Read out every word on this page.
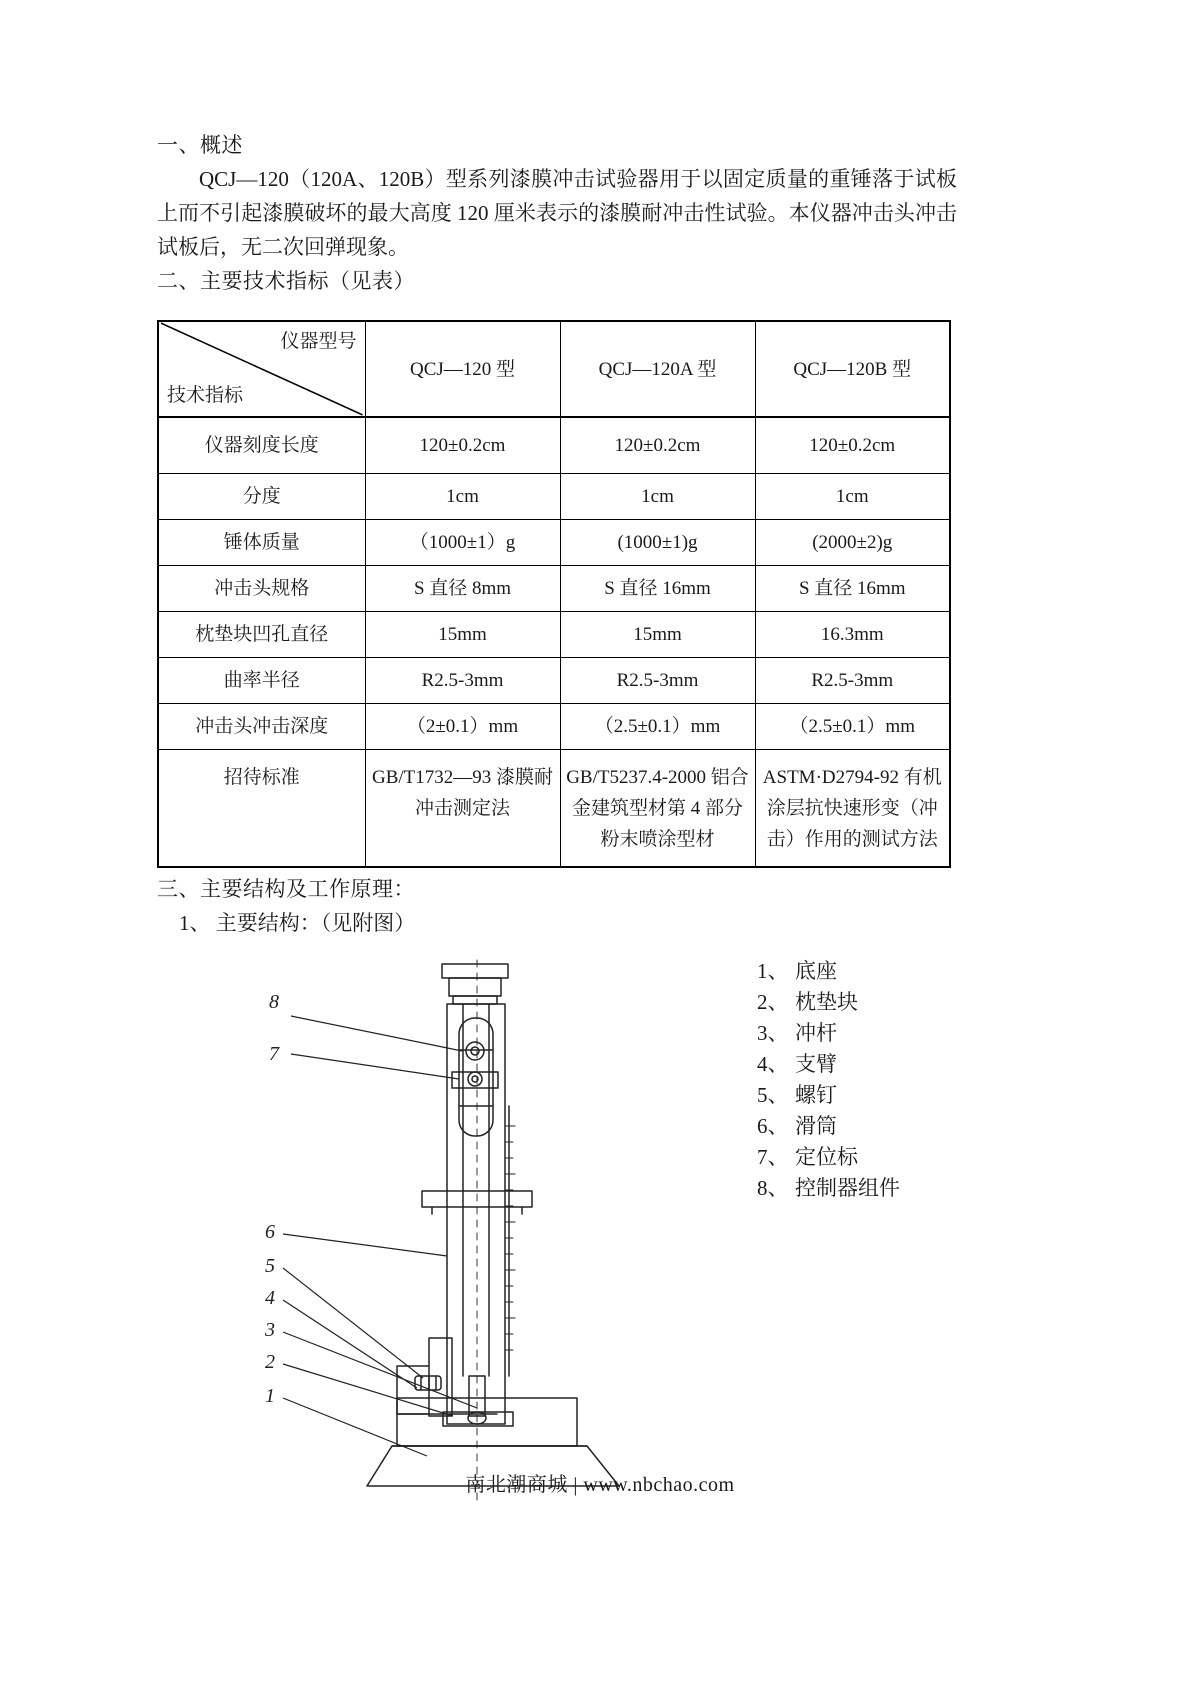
一、概述
QCJ—120（120A、120B）型系列漆膜冲击试验器用于以固定质量的重锤落于试板上而不引起漆膜破坏的最大高度 120 厘米表示的漆膜耐冲击性试验。本仪器冲击头冲击试板后，无二次回弹现象。
二、主要技术指标（见表）
仪器型号
技术指标	QCJ—120 型	QCJ—120A 型	QCJ—120B 型
仪器刻度长度	120±0.2cm	120±0.2cm	120±0.2cm
分度	1cm	1cm	1cm
锤体质量	（1000±1）g	(1000±1)g	(2000±2)g
冲击头规格	S 直径 8mm	S 直径 16mm	S 直径 16mm
枕垫块凹孔直径	15mm	15mm	16.3mm
曲率半径	R2.5-3mm	R2.5-3mm	R2.5-3mm
冲击头冲击深度	（2±0.1）mm	（2.5±0.1）mm	（2.5±0.1）mm
招待标准	GB/T1732—93 漆膜耐冲击测定法	GB/T5237.4-2000 铝合金建筑型材第 4 部分粉末喷涂型材	ASTM·D2794-92 有机涂层抗快速形变（冲击）作用的测试方法
三、主要结构及工作原理：
1、 主要结构：（见附图）
1、 底座
2、 枕垫块
3、 冲杆
4、 支臂
5、 螺钉
6、 滑筒
7、 定位标
8、 控制器组件
8
7
6
5
4
3
2
1
南北潮商城 | www.nbchao.com
